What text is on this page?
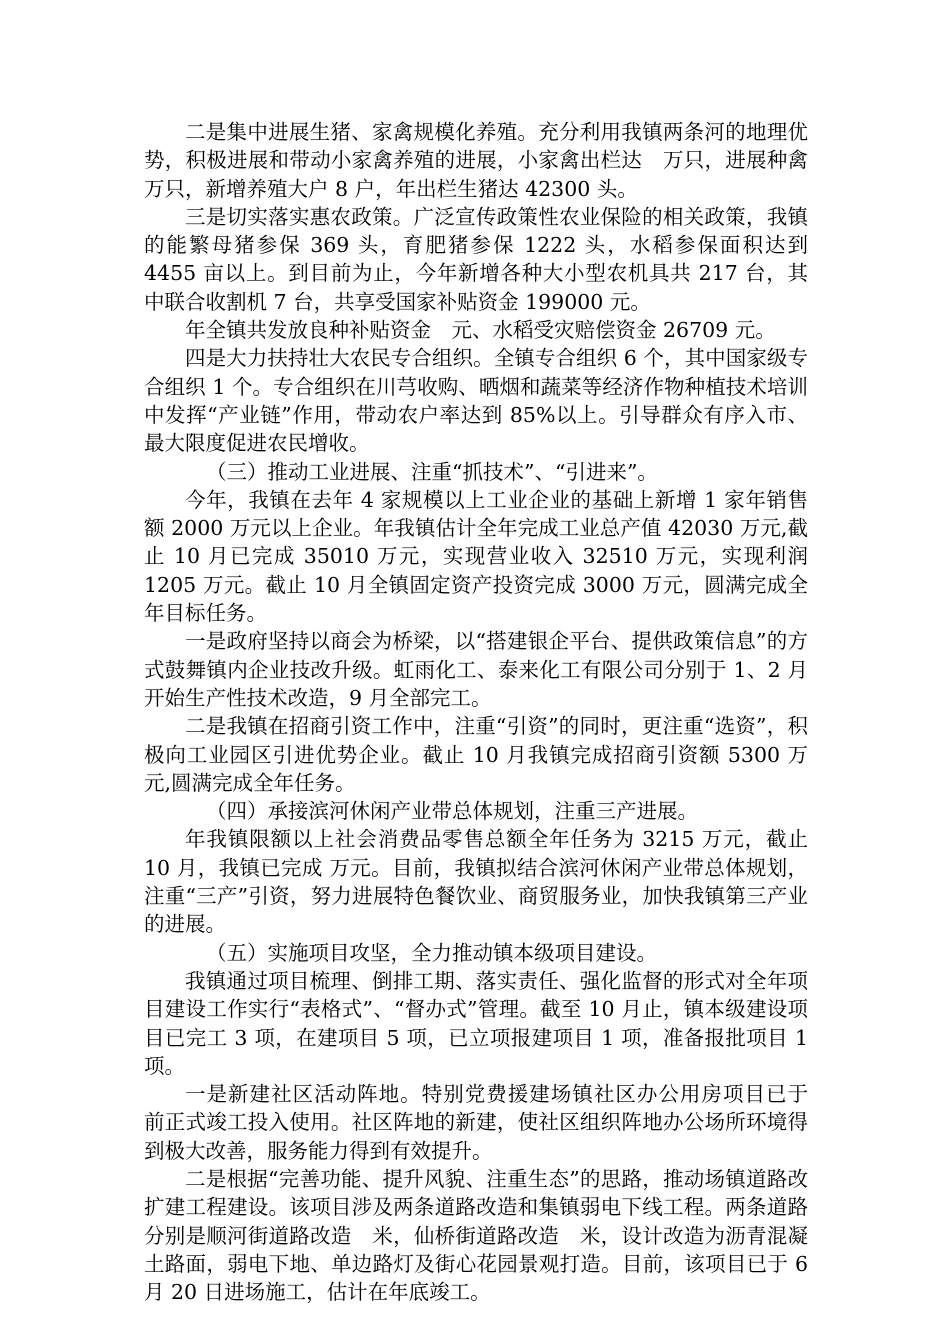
二是集中进展生猪、家禽规模化养殖。充分利用我镇两条河的地理优势，积极进展和带动小家禽养殖的进展，小家禽出栏达　万只，进展种禽　万只，新增养殖大户 8 户，年出栏生猪达 42300 头。

三是切实落实惠农政策。广泛宣传政策性农业保险的相关政策，我镇的能繁母猪参保 369 头，育肥猪参保 1222 头，水稻参保面积达到 4455 亩以上。到目前为止，今年新增各种大小型农机具共 217 台，其中联合收割机 7 台，共享受国家补贴资金 199000 元。

年全镇共发放良种补贴资金　元、水稻受灾赔偿资金 26709 元。

四是大力扶持壮大农民专合组织。全镇专合组织 6 个，其中国家级专合组织 1 个。专合组织在川芎收购、晒烟和蔬菜等经济作物种植技术培训中发挥“产业链”作用，带动农户率达到 85%以上。引导群众有序入市、最大限度促进农民增收。

（三）推动工业进展、注重“抓技术”、“引进来”。

今年，我镇在去年 4 家规模以上工业企业的基础上新增 1 家年销售额 2000 万元以上企业。年我镇估计全年完成工业总产值 42030 万元,截止 10 月已完成 35010 万元，实现营业收入 32510 万元，实现利润 1205 万元。截止 10 月全镇固定资产投资完成 3000 万元，圆满完成全年目标任务。

一是政府坚持以商会为桥梁，以“搭建银企平台、提供政策信息”的方式鼓舞镇内企业技改升级。虹雨化工、泰来化工有限公司分别于 1、2 月开始生产性技术改造，9 月全部完工。

二是我镇在招商引资工作中，注重“引资”的同时，更注重“选资”，积极向工业园区引进优势企业。截止 10 月我镇完成招商引资额 5300 万元,圆满完成全年任务。

（四）承接滨河休闲产业带总体规划，注重三产进展。

年我镇限额以上社会消费品零售总额全年任务为 3215 万元，截止 10 月，我镇已完成 万元。目前，我镇拟结合滨河休闲产业带总体规划，注重“三产”引资，努力进展特色餐饮业、商贸服务业，加快我镇第三产业的进展。

（五）实施项目攻坚，全力推动镇本级项目建设。

我镇通过项目梳理、倒排工期、落实责任、强化监督的形式对全年项目建设工作实行“表格式”、“督办式”管理。截至 10 月止，镇本级建设项目已完工 3 项，在建项目 5 项，已立项报建项目 1 项，准备报批项目 1 项。

一是新建社区活动阵地。特别党费援建场镇社区办公用房项目已于　前正式竣工投入使用。社区阵地的新建，使社区组织阵地办公场所环境得到极大改善，服务能力得到有效提升。

二是根据“完善功能、提升风貌、注重生态”的思路，推动场镇道路改扩建工程建设。该项目涉及两条道路改造和集镇弱电下线工程。两条道路分别是顺河街道路改造　米，仙桥街道路改造　米，设计改造为沥青混凝土路面，弱电下地、单边路灯及街心花园景观打造。目前，该项目已于 6 月 20 日进场施工，估计在年底竣工。
